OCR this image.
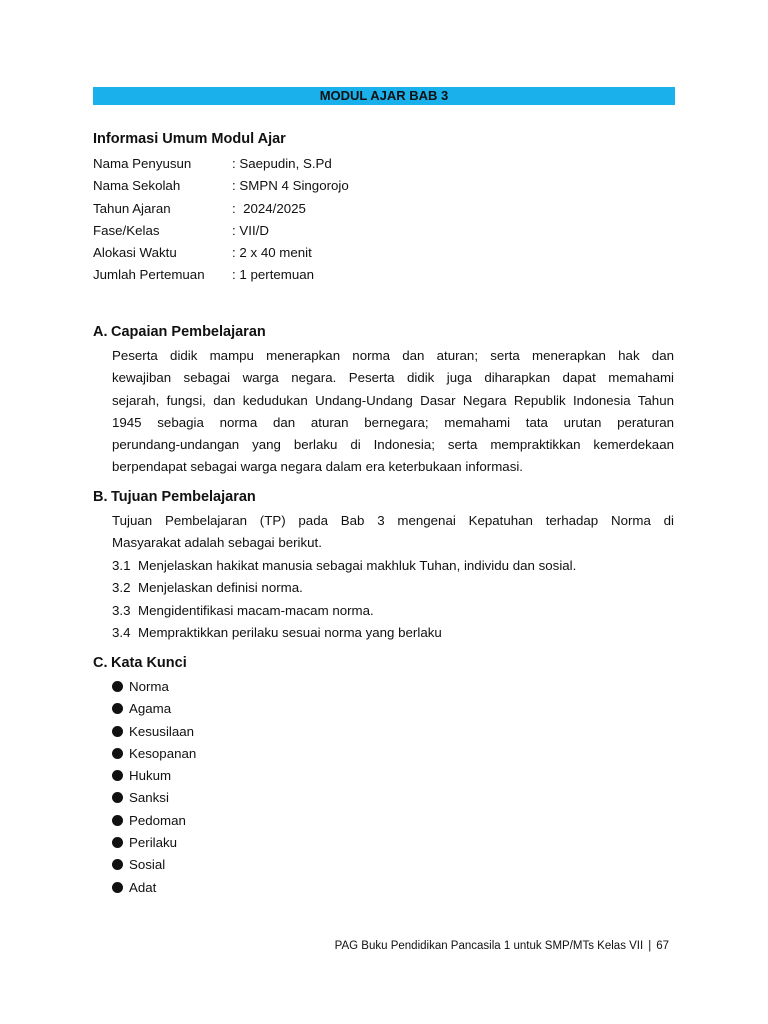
MODUL AJAR BAB 3
Informasi Umum Modul Ajar
Nama Penyusun	: Saepudin, S.Pd
Nama Sekolah	: SMPN 4 Singorojo
Tahun Ajaran	:  2024/2025
Fase/Kelas	: VII/D
Alokasi Waktu	: 2 x 40 menit
Jumlah Pertemuan : 1 pertemuan
A. Capaian Pembelajaran
Peserta didik mampu menerapkan norma dan aturan; serta menerapkan hak dan
kewajiban sebagai warga negara. Peserta didik juga diharapkan dapat memahami
sejarah, fungsi, dan kedudukan Undang-Undang Dasar Negara Republik Indonesia Tahun
1945 sebagia norma dan aturan bernegara; memahami tata urutan peraturan
perundang-undangan yang berlaku di Indonesia; serta mempraktikkan kemerdekaan
berpendapat sebagai warga negara dalam era keterbukaan informasi.
B. Tujuan Pembelajaran
Tujuan Pembelajaran (TP) pada Bab 3 mengenai Kepatuhan terhadap Norma di
Masyarakat adalah sebagai berikut.
3.1 Menjelaskan hakikat manusia sebagai makhluk Tuhan, individu dan sosial.
3.2 Menjelaskan definisi norma.
3.3 Mengidentifikasi macam-macam norma.
3.4 Mempraktikkan perilaku sesuai norma yang berlaku
C. Kata Kunci
Norma
Agama
Kesusilaan
Kesopanan
Hukum
Sanksi
Pedoman
Perilaku
Sosial
Adat
PAG Buku Pendidikan Pancasila 1 untuk SMP/MTs Kelas VII | 67
